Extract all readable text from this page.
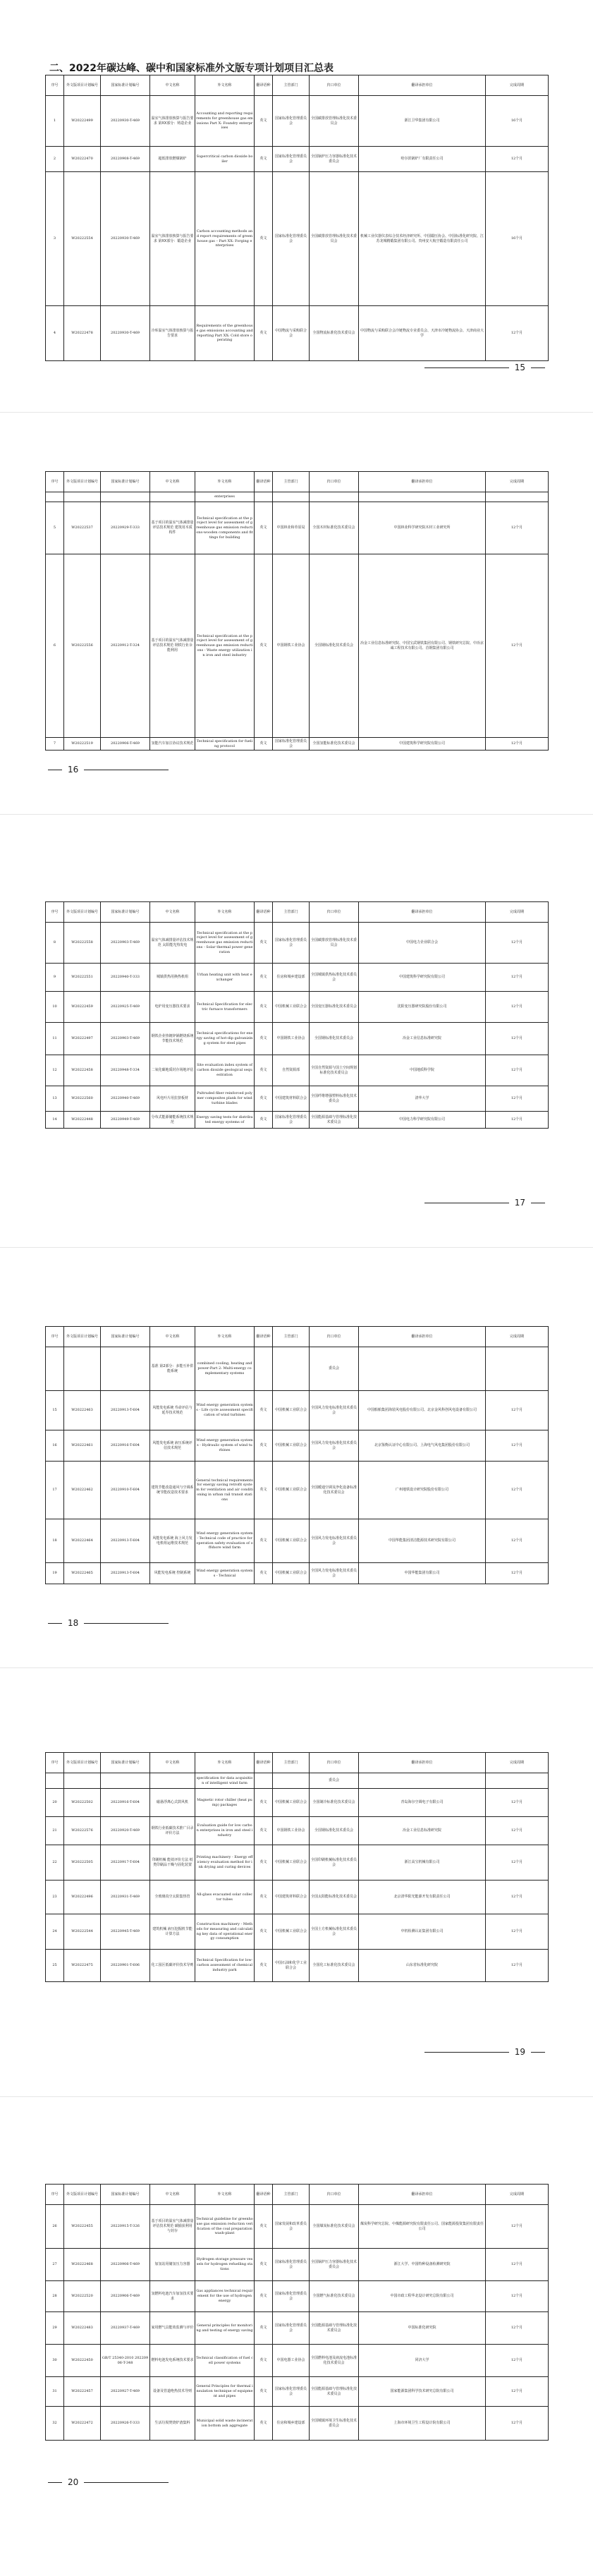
二、2022年碳达峰、碳中和国家标准外文版专项计划项目汇总表
序号	外文版项目计划编号	国家标准计划编号	中文名称	外文名称	翻译语种	主管部门	归口单位	翻译承担单位	完成周期
1	W20222499	20220930-T-469	温室气体排放核算与报告要求 第XX部分：铸造企业	Accounting and reporting requirements for greenhouse gas emissions Part X: Foundry enterprises	英文	国家标准化管理委员会	全国碳排放管理标准化技术委员会	浙江卫华集团有限公司	16个月
2	W20222470	20220908-T-469	超低排放燃煤锅炉	Supercritical carbon dioxide boiler	英文	国家标准化管理委员会	全国锅炉压力容器标准化技术委员会	哈尔滨锅炉厂有限责任公司	12个月
3	W20222554	20220930-T-469	温室气体排放核算与报告要求 第XX部分：锻造企业	Carbon accounting methods and report requirements of greenhouse gas – Part XX: Forging enterprises	英文	国家标准化管理委员会	全国碳排放管理标准化技术委员会	机械工业仪器仪表综合技术经济研究所、中国锻压协会、中国标准化研究院、江苏龙城精锻集团有限公司、贵州安大航空锻造有限责任公司	16个月
4	W20222478	20220930-T-469	冷库温室气体排放核算与报告要求	Requirements of the greenhouse gas emissions accounting and reporting Part XX: Cold store operating	英文	中国物流与采购联合会	全国物流标准化技术委员会	中国物流与采购联合会冷链物流专业委员会、天津市冷链物流协会、天津商业大学	12个月
15
序号	外文版项目计划编号	国家标准计划编号	中文名称	外文名称	翻译语种	主管部门	归口单位	翻译承担单位	完成周期
				enterprises					
5	W20222537	20220929-T-333	基于项目的温室气体减排量评估技术规范 建筑用木质构件	Technical specification at the project level for assessment of greenhouse gas emission reductions-wooden components and fittings for building	英文	中国林业和草原局	全国木材标准化技术委员会	中国林业科学研究院木材工业研究所	12个月
6	W20222556	20220912-T-324	基于项目的温室气体减排量评估技术规范 钢铁行业余能利用	Technical specification at the project level for assessment of greenhouse gas emission reductions - Waste energy utilization in iron and steel industry	英文	中国钢铁工业协会	全国钢标准化技术委员会	冶金工业信息标准研究院、中国宝武钢铁集团有限公司、钢铁研究总院、中冶京诚工程技术有限公司、首钢集团有限公司	12个月
7	W20222519	20220906-T-469	氢能汽车加注协议技术规范	Technical specification for fueling protocol	英文	国家标准化管理委员会	全国氢能标准化技术委员会	中国建筑科学研究院有限公司	12个月
16
序号	外文版项目计划编号	国家标准计划编号	中文名称	外文名称	翻译语种	主管部门	归口单位	翻译承担单位	完成周期
8	W20222558	20220903-T-469	温室气体减排量评估技术规范 太阳能光热发电	Technical specification at the project level for assessment of greenhouse gas emission reductions - Solar thermal power generation	英文	国家标准化管理委员会	全国碳排放管理标准化技术委员会	中国电力企业联合会	12个月
9	W20222551	20220940-T-333	城镇供热用换热机组	Urban heating unit with heat exchanger	英文	住房和城乡建设部	全国城镇供热标准化技术委员会	中国建筑科学研究院有限公司	12个月
10	W20222459	20220925-T-469	电炉用变压器技术要求	Technical Specification for electric furnace transformers	英文	中国机械工业联合会	全国变压器标准化技术委员会	沈阳变压器研究院股份有限公司	12个月
11	W20222497	20220903-T-469	钢铁企业热镀锌锅燃烧系统节能技术规范	Technical specifications for energy saving of hot-dip galvanizing system for steel pipes	英文	中国钢铁工业协会	全国钢标准化技术委员会	冶金工业信息标准研究院	12个月
12	W20222458	20220948-T-334	二氧化碳地质封存场地评估	Site evaluation index system of carbon dioxide geological sequestration	英文	自然资源部	全国自然资源与国土空间规划标准化技术委员会	中国地质科学院	12个月
13	W20222560	20220940-T-469	风电叶片用拉挤板材	Pultruded fiber reinforced polymer composites plank for wind turbine blades	英文	中国建筑材料联合会	全国纤维增强塑料标准化技术委员会	清华大学	12个月
14	W20222448	20220949-T-469	分布式能源储能系统技术规范	Energy saving tests for distributed energy systems of	英文	国家标准化管理委员会	全国能源基础与管理标准化技术委员会	中国电力科学研究院有限公司	12个月
17
序号	外文版项目计划编号	国家标准计划编号	中文名称	外文名称	翻译语种	主管部门	归口单位	翻译承担单位	完成周期
			基准 第2部分：多能互补供能系统	combined cooling, heating and power-Part 2: Multi-energy complementary systems			委员会		
15	W20222463	20220913-T-604	风能发电系统 寿命评估与延寿技术规范	Wind energy generation systems - Life cycle assessment specification of wind turbines	英文	中国机械工业联合会	全国风力发电标准化技术委员会	中国船舶集团海装风电股份有限公司、北京金风科创风电设备有限公司	12个月
16	W20222461	20220916-T-604	风能发电系统 液压系统评估技术规范	Wind energy generation systems - Hydraulic system of wind turbines	英文	中国机械工业联合会	全国风力发电标准化技术委员会	北京鉴衡认证中心有限公司、上海电气风电集团股份有限公司	12个月
17	W20222462	20220910-T-604	建筑节能改造通风与空调系统节能改造技术要求	General technical requirements for energy saving retrofit system for ventilation and air conditioning in urban rail transit stations	英文	中国机械工业联合会	全国暖通空调及净化设备标准化技术委员会	广州地铁设计研究院股份有限公司	12个月
18	W20222464	20220913-T-604	风能发电系统 海上风力发电机组运维技术规范	Wind energy generation system - Technical code of practice for operation safety evaluation of offshore wind farm	英文	中国机械工业联合会	全国风力发电标准化技术委员会	中国华能集团清洁能源技术研究院有限公司	12个月
19	W20222465	20220913-T-604	风能发电系统 控制系统	Wind energy generation systems - Technical	英文	中国机械工业联合会	全国风力发电标准化技术委员会	中国华能集团有限公司	12个月
18
序号	外文版项目计划编号	国家标准计划编号	中文名称	外文名称	翻译语种	主管部门	归口单位	翻译承担单位	完成周期
				specification for data acquisition of intelligent wind farm			委员会		
20	W20222502	20220916-T-604	磁悬浮离心式鼓风机	Magnetic rotor chiller (heat pump) packages	英文	中国机械工业联合会	全国制冷标准化技术委员会	青岛海尔空调电子有限公司	12个月
21	W20222576	20220920-T-469	钢铁行业低碳技术推广目录评价方法	Evaluation guide for low carbon enterprises in iron and steel industry	英文	中国钢铁工业协会	全国钢标准化技术委员会	冶金工业信息标准研究院	12个月
22	W20222505	20220917-T-604	印刷机械 能效评价方法 纸类印刷品干燥与固化装置	Printing machinery - Energy efficiency evaluation method for ink drying and curing devices	英文	中国机械工业联合会	全国印刷机械标准化技术委员会	浙江高宝机械有限公司	12个月
23	W20222496	20220931-T-469	全玻璃真空太阳集热管	All-glass evacuated solar collector tubes	英文	中国建筑材料联合会	全国太阳能标准化技术委员会	北京清华阳光能源开发有限责任公司	12个月
24	W20222544	20220945-T-469	建筑机械 液压挖掘机节能计算方法	Construction machinery - Methods for measuring and calculating key data of operational energy consumption	英文	中国机械工业联合会	全国土方机械标准化技术委员会	中机检测认证集团有限公司	12个月
25	W20222475	20220901-T-606	化工园区低碳评价技术导则	Technical Specification for low-carbon assessment of chemical industry park	英文	中国石油和化学工业联合会	全国化工标准化技术委员会	山东省标准化研究院	12个月
19
序号	外文版项目计划编号	国家标准计划编号	中文名称	外文名称	翻译语种	主管部门	归口单位	翻译承担单位	完成周期
26	W20222455	20220915-T-326	基于项目的温室气体减排量评估技术规范 碳捕获利用与封存	Technical guideline for greenhouse gas emission reduction verification of the coal preparation wash-plant	英文	国家发展和改革委员会	全国煤炭标准化技术委员会	煤炭科学研究总院、中煤能源研究院有限责任公司、国家能源投资集团有限责任公司	12个月
27	W20222468	20220906-T-469	加氢站用储氢压力容器	Hydrogen storage pressure vessels for hydrogen refuelling stations	英文	国家标准化管理委员会	全国锅炉压力容器标准化技术委员会	浙江大学、中国特种设备检测研究院	12个月
28	W20222520	20220906-T-469	氢燃料电池汽车加氢技术要求	Gas appliances technical requirement for the use of hydrogen energy	英文	国家标准化管理委员会	全国燃气标准化技术委员会	中国市政工程华北设计研究总院有限公司	12个月
29	W20222483	20220937-T-469	家用燃气具能效监测与评价	General principles for monitoring and testing of energy saving	英文	国家标准化管理委员会	全国能源基础与管理标准化技术委员会	中国标准化研究院	12个月
30	W20222450	GB/T 25340-2010 20220906-T-348	燃料电池发电系统技术要求	Technical classification of fuel cell power systems	英文	中国电器工业协会	全国燃料电池及液流电池标准化技术委员会	同济大学	12个月
31	W20222457	20220927-T-469	设备及管道绝热技术导则	General Principles for thermal insulation technique of equipment and pipes	英文	国家标准化管理委员会	全国能源基础与管理标准化技术委员会	国家能源集团科学技术研究总院有限公司	12个月
32	W20222472	20220926-T-333	生活垃圾焚烧炉渣集料	Municipal solid waste incineration bottom ash aggregate	英文	住房和城乡建设部	全国城镇环境卫生标准化技术委员会	上海市环境卫生工程设计院有限公司	12个月
20
